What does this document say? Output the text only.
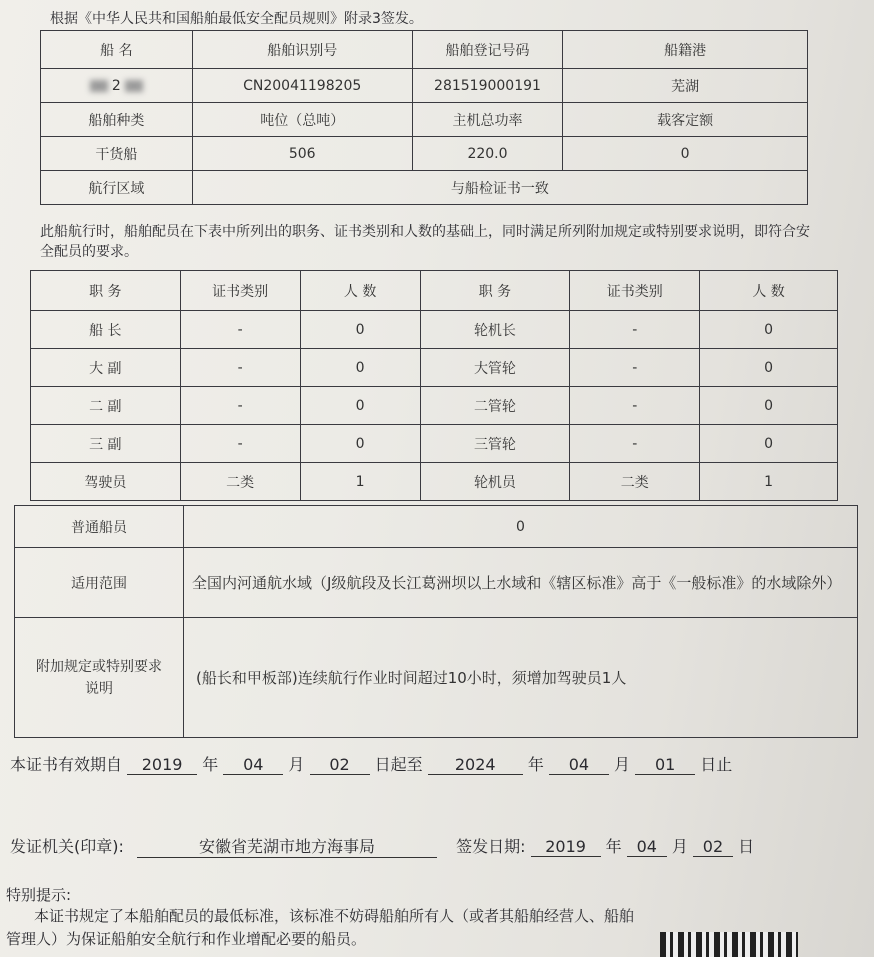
根据《中华人民共和国船舶最低安全配员规则》附录3签发。
船 名	船舶识别号	船舶登记号码	船籍港
2	CN20041198205	281519000191	芜湖
船舶种类	吨位（总吨）	主机总功率	载客定额
干货船	506	220.0	0
航行区域	与船检证书一致		
此船航行时，船舶配员在下表中所列出的职务、证书类别和人数的基础上，同时满足所列附加规定或特别要求说明，即符合安全配员的要求。
职 务	证书类别	人 数	职 务	证书类别	人 数
船 长	-	0	轮机长	-	0
大 副	-	0	大管轮	-	0
二 副	-	0	二管轮	-	0
三 副	-	0	三管轮	-	0
驾驶员	二类	1	轮机员	二类	1
普通船员	0
适用范围	全国内河通航水域（J级航段及长江葛洲坝以上水域和《辖区标准》高于《一般标准》的水域除外）
附加规定或特别要求说明	(船长和甲板部)连续航行作业时间超过10小时，须增加驾驶员1人
本证书有效期自 2019 年 04 月 02 日起至 2024 年 04 月 01 日止
发证机关(印章):	安徽省芜湖市地方海事局	签发日期: 2019 年 04 月 02 日
特别提示:
本证书规定了本船舶配员的最低标准，该标准不妨碍船舶所有人（或者其船舶经营人、船舶
管理人）为保证船舶安全航行和作业增配必要的船员。
